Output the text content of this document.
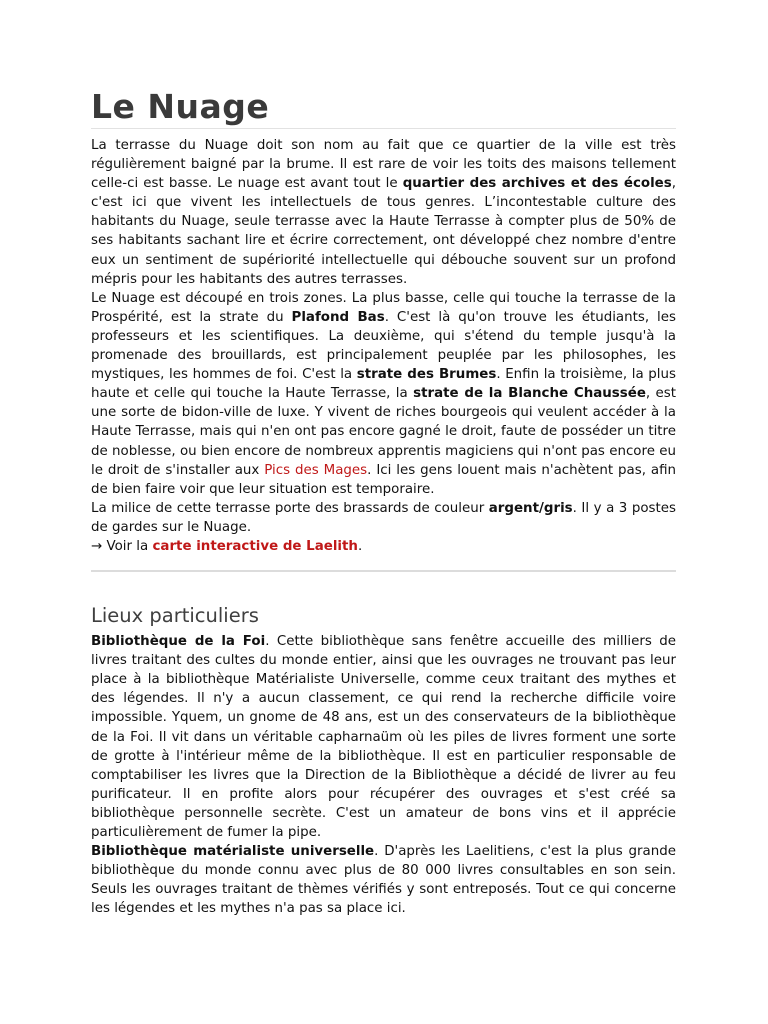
Le Nuage

La terrasse du Nuage doit son nom au fait que ce quartier de la ville est très régulièrement baigné par la brume. Il est rare de voir les toits des maisons tellement celle-ci est basse. Le nuage est avant tout le quartier des archives et des écoles, c'est ici que vivent les intellectuels de tous genres. L’incontestable culture des habitants du Nuage, seule terrasse avec la Haute Terrasse à compter plus de 50% de ses habitants sachant lire et écrire correctement, ont développé chez nombre d'entre eux un sentiment de supériorité intellectuelle qui débouche souvent sur un profond mépris pour les habitants des autres terrasses.

Le Nuage est découpé en trois zones. La plus basse, celle qui touche la terrasse de la Prospérité, est la strate du Plafond Bas. C'est là qu'on trouve les étudiants, les professeurs et les scientifiques. La deuxième, qui s'étend du temple jusqu'à la promenade des brouillards, est principalement peuplée par les philosophes, les mystiques, les hommes de foi. C'est la strate des Brumes. Enfin la troisième, la plus haute et celle qui touche la Haute Terrasse, la strate de la Blanche Chaussée, est une sorte de bidon-ville de luxe. Y vivent de riches bourgeois qui veulent accéder à la Haute Terrasse, mais qui n'en ont pas encore gagné le droit, faute de posséder un titre de noblesse, ou bien encore de nombreux apprentis magiciens qui n'ont pas encore eu le droit de s'installer aux Pics des Mages. Ici les gens louent mais n'achètent pas, afin de bien faire voir que leur situation est temporaire.

La milice de cette terrasse porte des brassards de couleur argent/gris. Il y a 3 postes de gardes sur le Nuage.

→ Voir la carte interactive de Laelith.

Lieux particuliers

Bibliothèque de la Foi. Cette bibliothèque sans fenêtre accueille des milliers de livres traitant des cultes du monde entier, ainsi que les ouvrages ne trouvant pas leur place à la bibliothèque Matérialiste Universelle, comme ceux traitant des mythes et des légendes. Il n'y a aucun classement, ce qui rend la recherche difficile voire impossible. Yquem, un gnome de 48 ans, est un des conservateurs de la bibliothèque de la Foi. Il vit dans un véritable capharnaüm où les piles de livres forment une sorte de grotte à l'intérieur même de la bibliothèque. Il est en particulier responsable de comptabiliser les livres que la Direction de la Bibliothèque a décidé de livrer au feu purificateur. Il en profite alors pour récupérer des ouvrages et s'est créé sa bibliothèque personnelle secrète. C'est un amateur de bons vins et il apprécie particulièrement de fumer la pipe.

Bibliothèque matérialiste universelle. D'après les Laelitiens, c'est la plus grande bibliothèque du monde connu avec plus de 80 000 livres consultables en son sein. Seuls les ouvrages traitant de thèmes vérifiés y sont entreposés. Tout ce qui concerne les légendes et les mythes n'a pas sa place ici.
